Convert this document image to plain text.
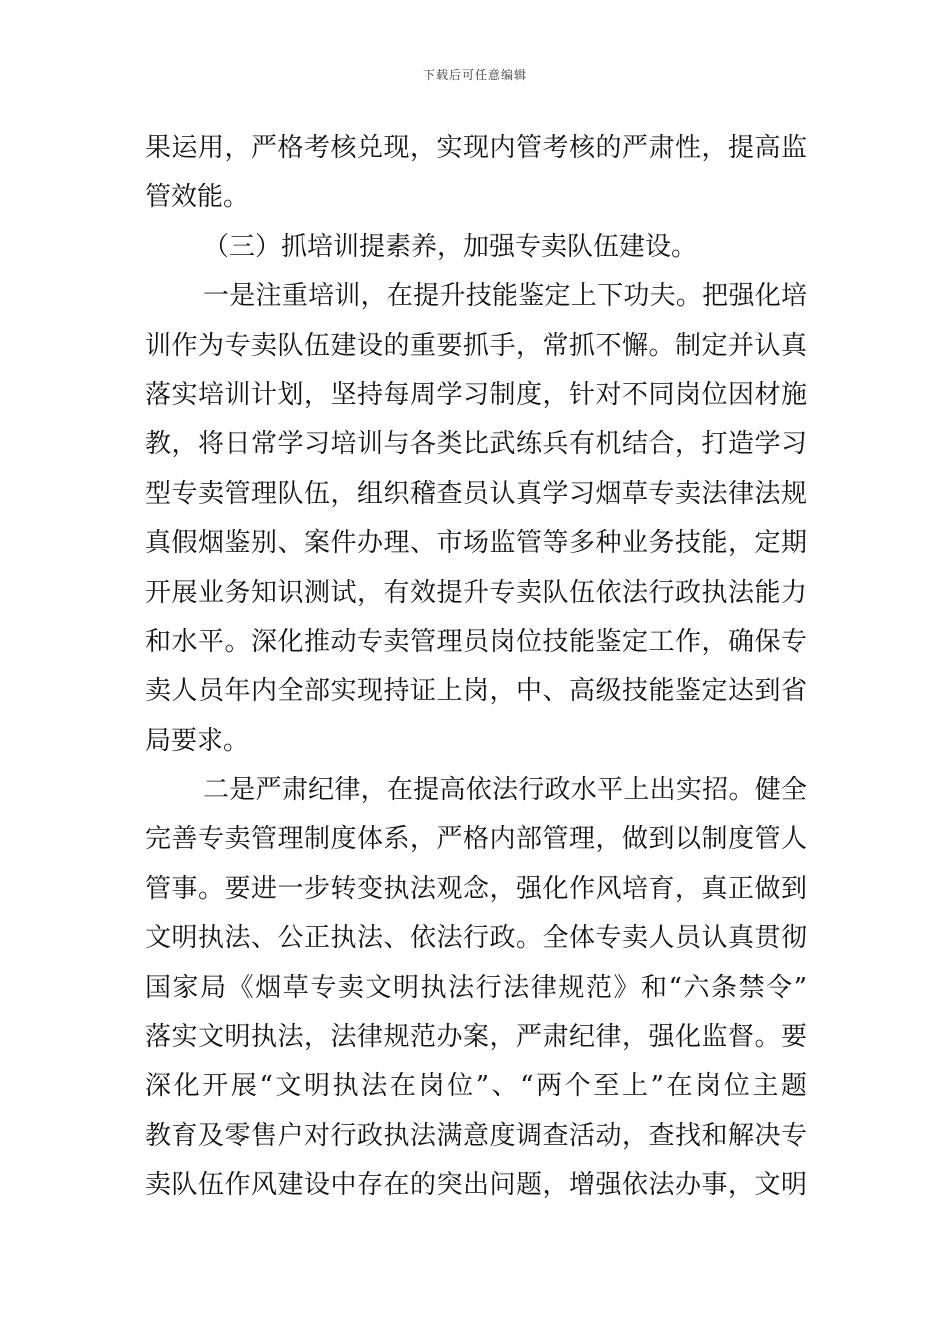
下载后可任意编辑
果运用，严格考核兑现，实现内管考核的严肃性，提高监
管效能。
（三）抓培训提素养，加强专卖队伍建设。
一是注重培训，在提升技能鉴定上下功夫。把强化培
训作为专卖队伍建设的重要抓手，常抓不懈。制定并认真
落实培训计划，坚持每周学习制度，针对不同岗位因材施
教，将日常学习培训与各类比武练兵有机结合，打造学习
型专卖管理队伍，组织稽查员认真学习烟草专卖法律法规
真假烟鉴别、案件办理、市场监管等多种业务技能，定期
开展业务知识测试，有效提升专卖队伍依法行政执法能力
和水平。深化推动专卖管理员岗位技能鉴定工作，确保专
卖人员年内全部实现持证上岗，中、高级技能鉴定达到省
局要求。
二是严肃纪律，在提高依法行政水平上出实招。健全
完善专卖管理制度体系，严格内部管理，做到以制度管人
管事。要进一步转变执法观念，强化作风培育，真正做到
文明执法、公正执法、依法行政。全体专卖人员认真贯彻
国家局《烟草专卖文明执法行法律规范》和“六条禁令”
落实文明执法，法律规范办案，严肃纪律，强化监督。要
深化开展“文明执法在岗位”、“两个至上”在岗位主题
教育及零售户对行政执法满意度调查活动，查找和解决专
卖队伍作风建设中存在的突出问题，增强依法办事，文明
